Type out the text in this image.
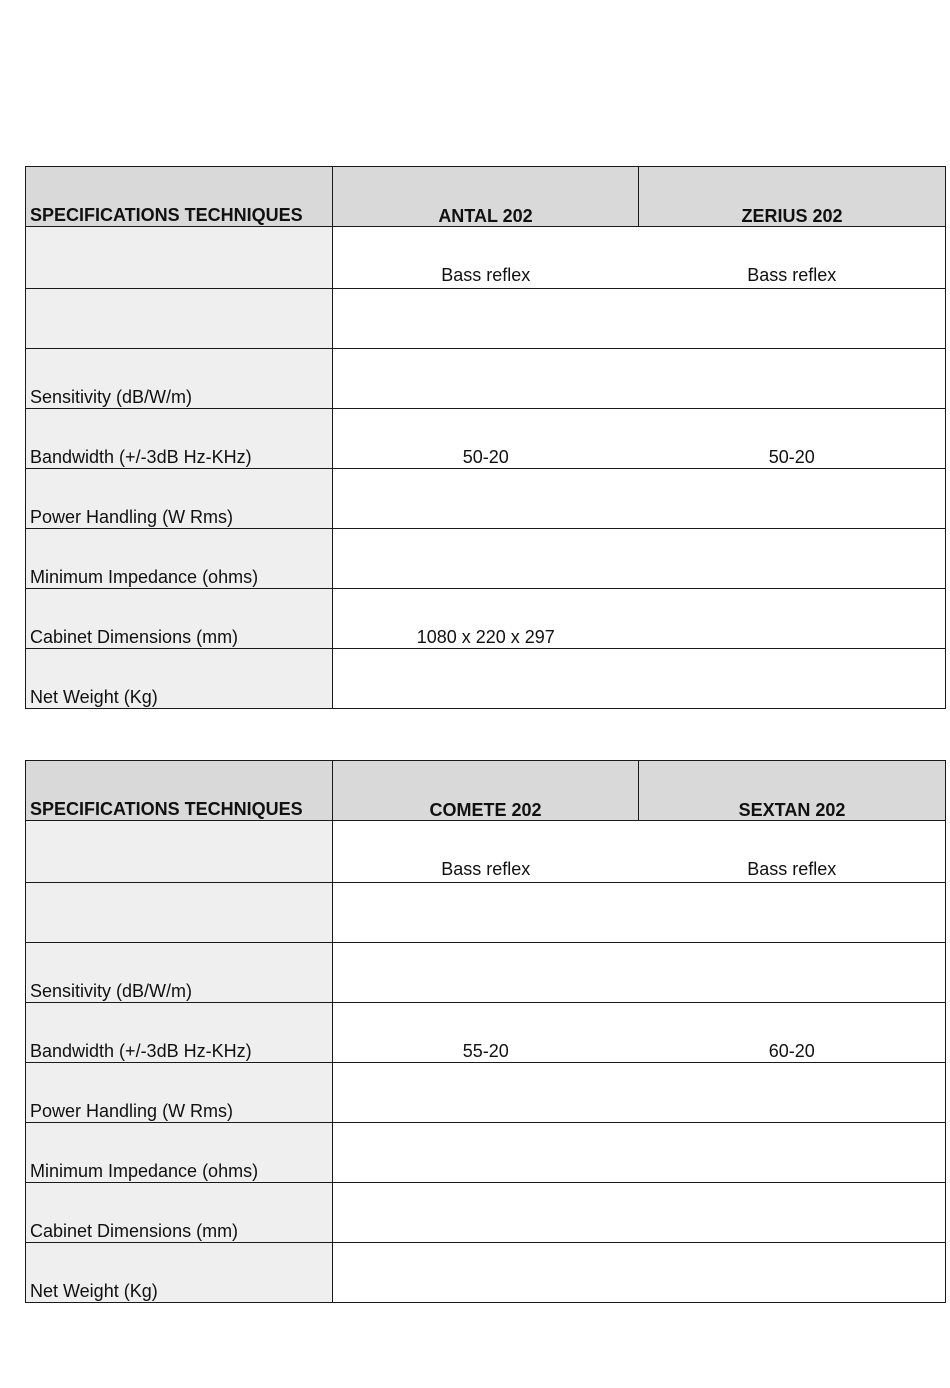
SPECIFICATIONS TECHNIQUES	ANTAL 202	ZERIUS 202
	Bass reflex	Bass reflex

Sensitivity (dB/W/m)		
Bandwidth (+/-3dB Hz-KHz)	50-20	50-20
Power Handling (W Rms)		
Minimum Impedance (ohms)		
Cabinet Dimensions (mm)	1080 x 220 x 297	
Net Weight (Kg)		
SPECIFICATIONS TECHNIQUES	COMETE 202	SEXTAN 202
	Bass reflex	Bass reflex

Sensitivity (dB/W/m)		
Bandwidth (+/-3dB Hz-KHz)	55-20	60-20
Power Handling (W Rms)		
Minimum Impedance (ohms)		
Cabinet Dimensions (mm)		
Net Weight (Kg)		
